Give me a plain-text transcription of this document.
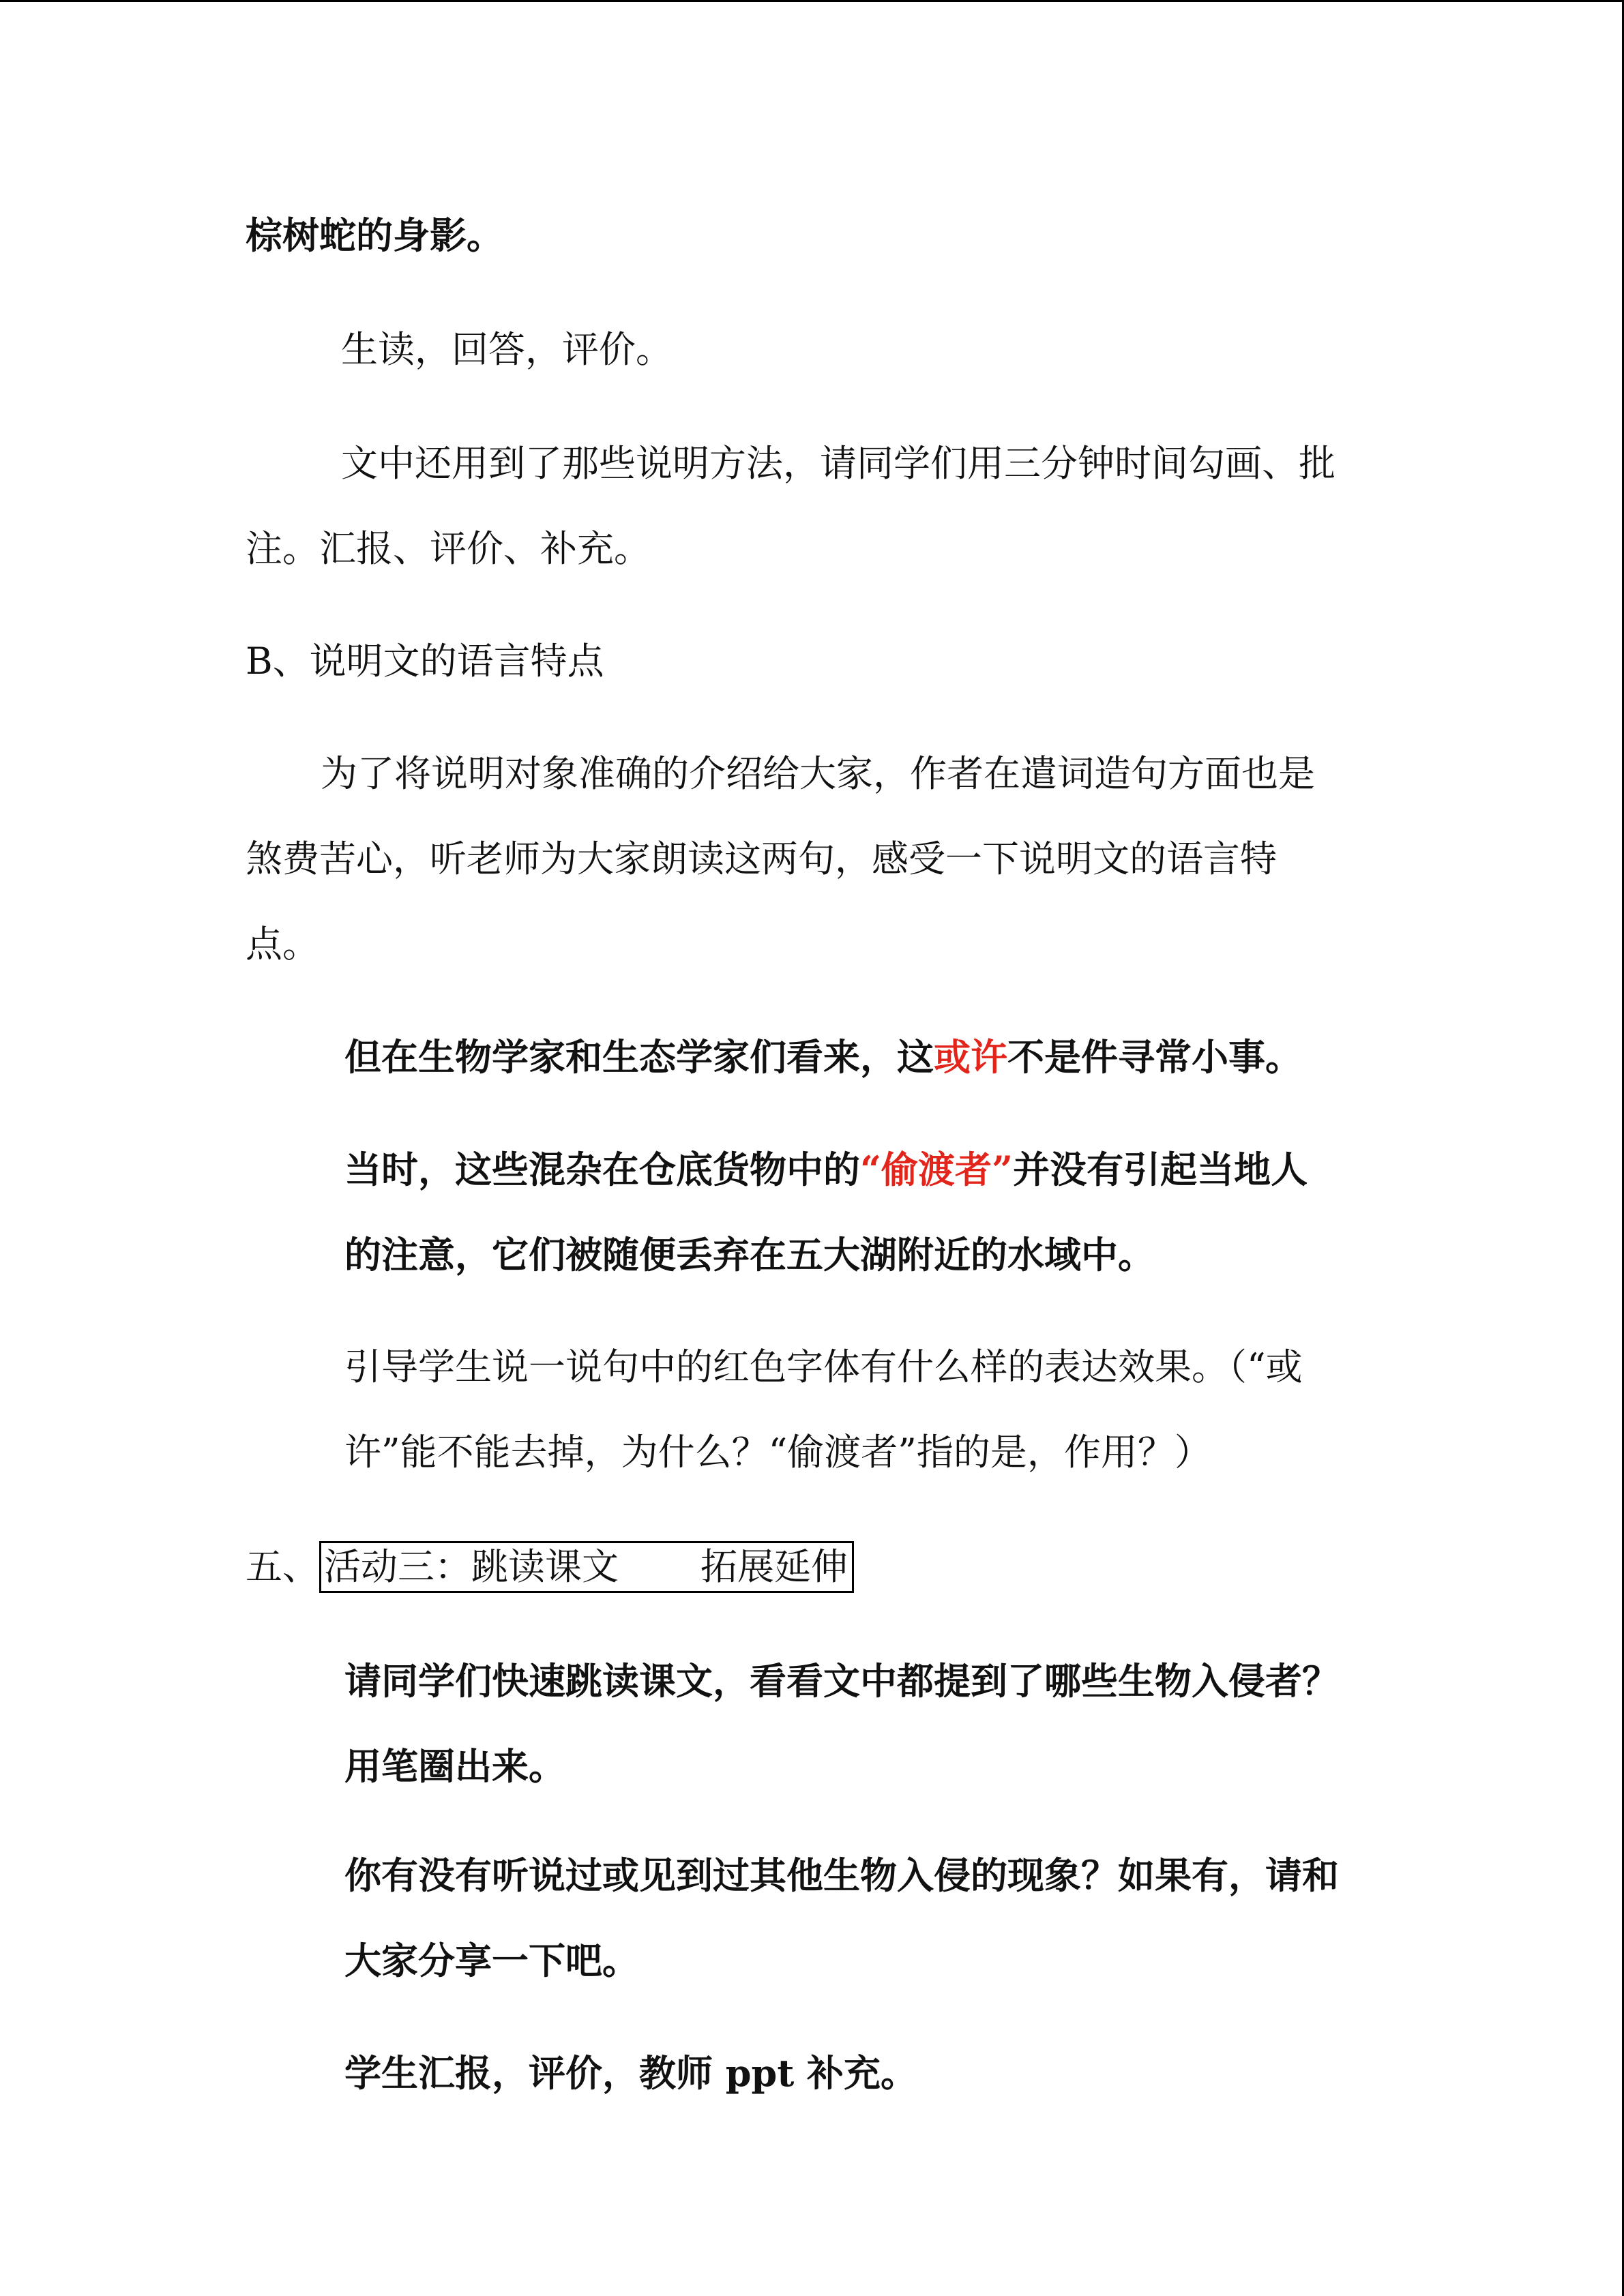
棕树蛇的身影。
生读，回答，评价。
文中还用到了那些说明方法，请同学们用三分钟时间勾画、批
注。汇报、评价、补充。
B、说明文的语言特点
为了将说明对象准确的介绍给大家，作者在遣词造句方面也是
煞费苦心，听老师为大家朗读这两句，感受一下说明文的语言特
点。
但在生物学家和生态学家们看来，这或许不是件寻常小事。
当时，这些混杂在仓底货物中的“偷渡者”并没有引起当地人
的注意，它们被随便丢弃在五大湖附近的水域中。
引导学生说一说句中的红色字体有什么样的表达效果。（“或
许”能不能去掉，为什么？“偷渡者”指的是，作用？）
五、 活动三：跳读课文 拓展延伸
请同学们快速跳读课文，看看文中都提到了哪些生物入侵者？
用笔圈出来。
你有没有听说过或见到过其他生物入侵的现象？如果有，请和
大家分享一下吧。
学生汇报，评价，教师 ppt 补充。
